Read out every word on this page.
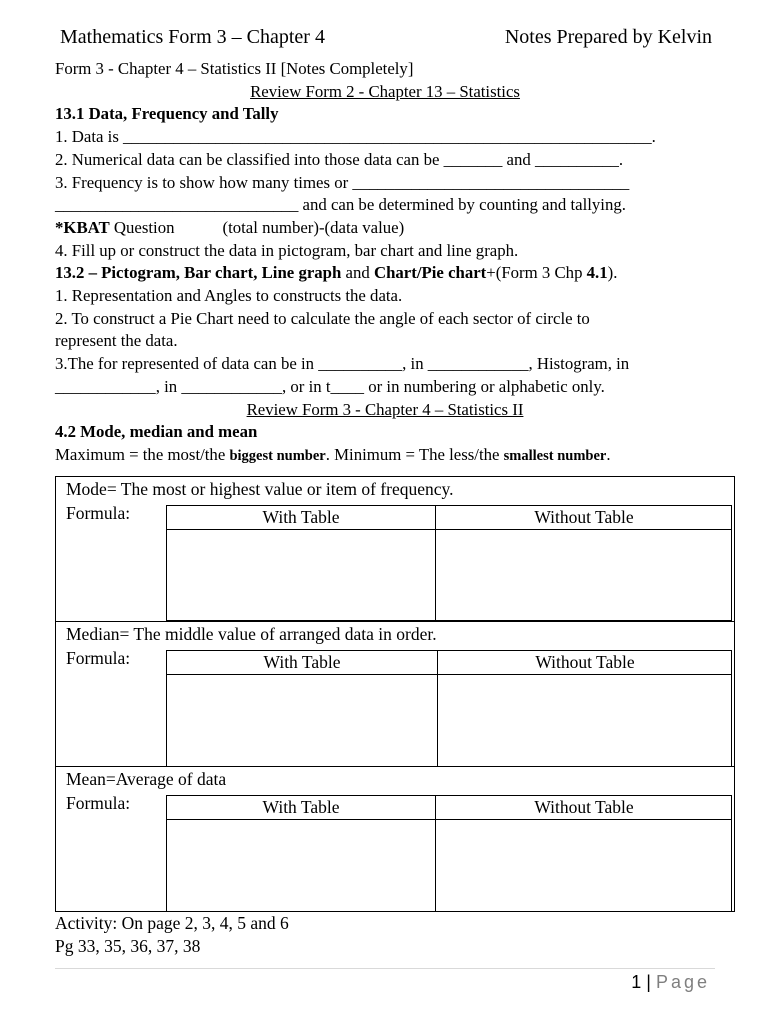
Mathematics Form 3 – Chapter 4	Notes Prepared by Kelvin
Form 3 - Chapter 4 – Statistics II [Notes Completely]
Review Form 2 - Chapter 13 – Statistics
13.1 Data, Frequency and Tally
1. Data is _______________________________________________________________.
2. Numerical data can be classified into those data can be _______ and __________.
3. Frequency is to show how many times or _________________________________
_____________________________ and can be determined by counting and tallying.
*KBAT Question	(total number)-(data value)
4. Fill up or construct the data in pictogram, bar chart and line graph.
13.2 – Pictogram, Bar chart, Line graph and Chart/Pie chart+(Form 3 Chp 4.1).
1. Representation and Angles to constructs the data.
2. To construct a Pie Chart need to calculate the angle of each sector of circle to
represent the data.
3.The for represented of data can be in __________, in ____________, Histogram, in
____________, in ____________, or in t____ or in numbering or alphabetic only.
Review Form 3 - Chapter 4 – Statistics II
4.2 Mode, median and mean
Maximum = the most/the biggest number. Minimum = The less/the smallest number.
Mode= The most or highest value or item of frequency.
Formula:	With Table	Without Table
Median= The middle value of arranged data in order.
Formula:	With Table	Without Table
Mean=Average of data
Formula:	With Table	Without Table
Activity: On page 2, 3, 4, 5 and 6
Pg 33, 35, 36, 37, 38
1 | Page
